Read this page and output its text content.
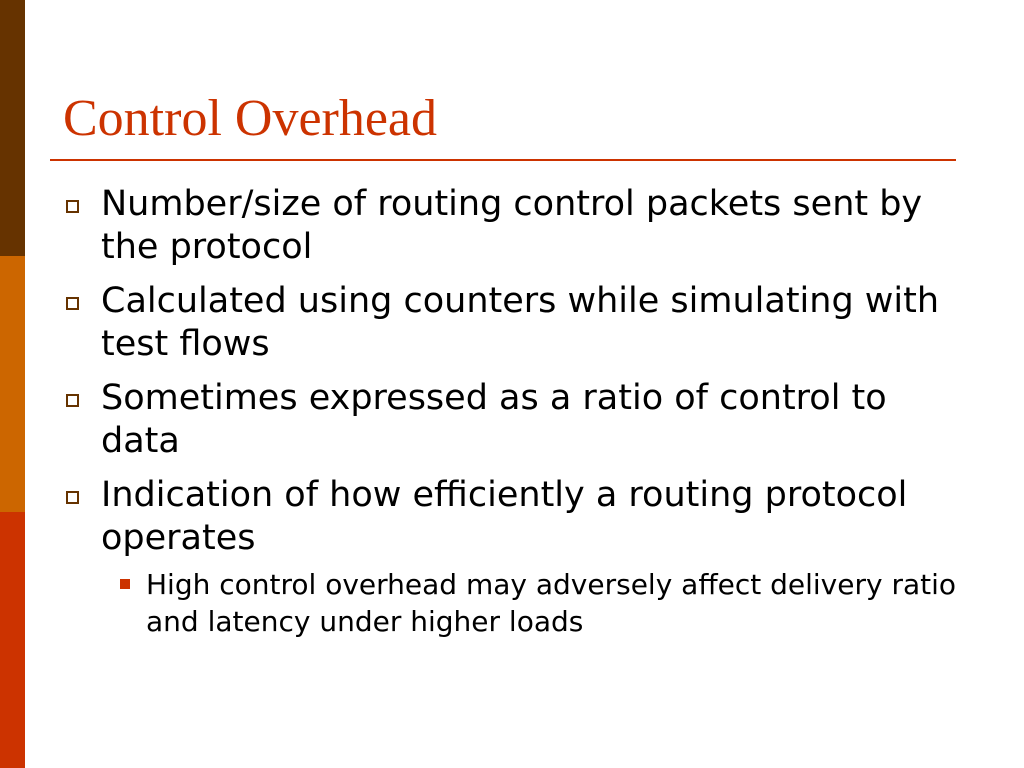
Control Overhead
Number/size of routing control packets sent by the protocol
Calculated using counters while simulating with test flows
Sometimes expressed as a ratio of control to data
Indication of how efficiently a routing protocol operates
High control overhead may adversely affect delivery ratio and latency under higher loads
